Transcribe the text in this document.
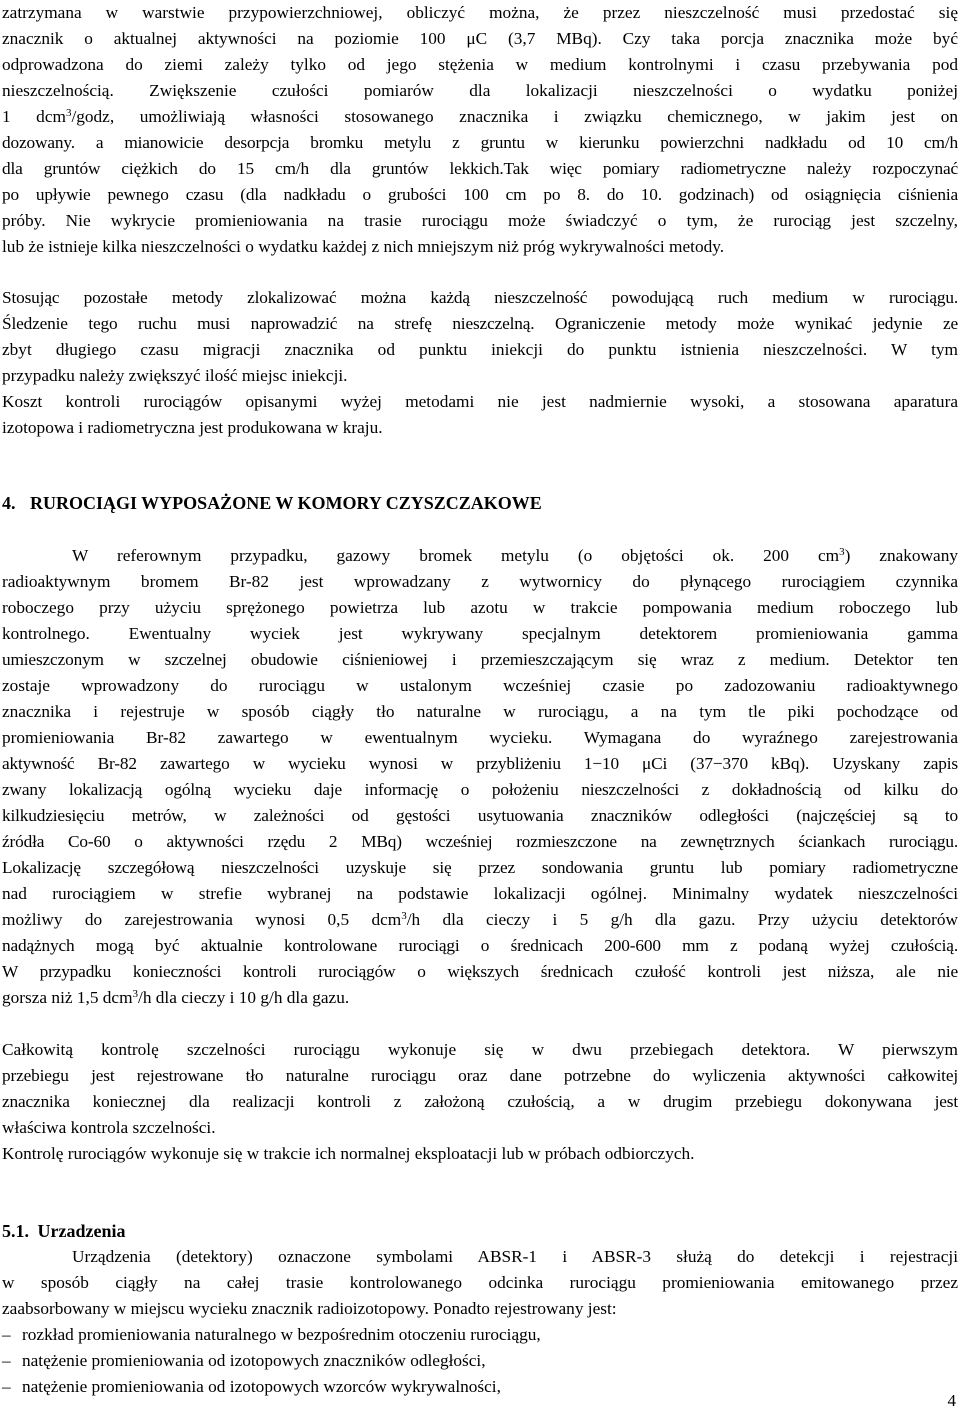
zatrzymana w warstwie przypowierzchniowej, obliczyć można, że przez nieszczelność musi przedostać się
znacznik o aktualnej aktywności na poziomie 100 μC (3,7 MBq). Czy taka porcja znacznika może być
odprowadzona do ziemi zależy tylko od jego stężenia w medium kontrolnymi i czasu przebywania pod
nieszczelnością. Zwiększenie czułości pomiarów dla lokalizacji nieszczelności o wydatku poniżej
1 dcm$^3$/godz, umożliwiają własności stosowanego znacznika i związku chemicznego, w jakim jest on
dozowany. a mianowicie desorpcja bromku metylu z gruntu w kierunku powierzchni nadkładu od 10 cm/h
dla gruntów ciężkich do 15 cm/h dla gruntów lekkich.Tak więc pomiary radiometryczne należy rozpoczynać
po upływie pewnego czasu (dla nadkładu o grubości 100 cm po 8. do 10. godzinach) od osiągnięcia ciśnienia
próby. Nie wykrycie promieniowania na trasie rurociągu może świadczyć o tym, że rurociąg jest szczelny,
lub że istnieje kilka nieszczelności o wydatku każdej z nich mniejszym niż próg wykrywalności metody.
Stosując pozostałe metody zlokalizować można każdą nieszczelność powodującą ruch medium w rurociągu.
Śledzenie tego ruchu musi naprowadzić na strefę nieszczelną. Ograniczenie metody może wynikać jedynie ze
zbyt długiego czasu migracji znacznika od punktu iniekcji do punktu istnienia nieszczelności. W tym
przypadku należy zwiększyć ilość miejsc iniekcji.
Koszt kontroli rurociągów opisanymi wyżej metodami nie jest nadmiernie wysoki, a stosowana aparatura
izotopowa i radiometryczna jest produkowana w kraju.
4. RUROCIĄGI WYPOSAŻONE W KOMORY CZYSZCZAKOWE
W referownym przypadku, gazowy bromek metylu (o objętości ok. 200 $cm^3$) znakowany
radioaktywnym bromem Br-82 jest wprowadzany z wytwornicy do płynącego rurociągiem czynnika
roboczego przy użyciu sprężonego powietrza lub azotu w trakcie pompowania medium roboczego lub
kontrolnego. Ewentualny wyciek jest wykrywany specjalnym detektorem promieniowania gamma
umieszczonym w szczelnej obudowie ciśnieniowej i przemieszczającym się wraz z medium. Detektor ten
zostaje wprowadzony do rurociągu w ustalonym wcześniej czasie po zadozowaniu radioaktywnego
znacznika i rejestruje w sposób ciągły tło naturalne w rurociągu, a na tym tle piki pochodzące od
promieniowania Br-82 zawartego w ewentualnym wycieku. Wymagana do wyraźnego zarejestrowania
aktywność Br-82 zawartego w wycieku wynosi w przybliżeniu 1−10 μCi (37−370 kBq). Uzyskany zapis
zwany lokalizacją ogólną wycieku daje informację o położeniu nieszczelności z dokładnością od kilku do
kilkudziesięciu metrów, w zależności od gęstości usytuowania znaczników odległości (najczęściej są to
źródła Co-60 o aktywności rzędu 2 MBq) wcześniej rozmieszczone na zewnętrznych ściankach rurociągu.
Lokalizację szczegółową nieszczelności uzyskuje się przez sondowania gruntu lub pomiary radiometryczne
nad rurociągiem w strefie wybranej na podstawie lokalizacji ogólnej. Minimalny wydatek nieszczelności
możliwy do zarejestrowania wynosi 0,5 dcm$^3$/h dla cieczy i 5 g/h dla gazu. Przy użyciu detektorów
nadążnych mogą być aktualnie kontrolowane rurociągi o średnicach 200-600 mm z podaną wyżej czułością.
W przypadku konieczności kontroli rurociągów o większych średnicach czułość kontroli jest niższa, ale nie
gorsza niż 1,5 dcm$^3$/h dla cieczy i 10 g/h dla gazu.
Całkowitą kontrolę szczelności rurociągu wykonuje się w dwu przebiegach detektora. W pierwszym
przebiegu jest rejestrowane tło naturalne rurociągu oraz dane potrzebne do wyliczenia aktywności całkowitej
znacznika koniecznej dla realizacji kontroli z założoną czułością, a w drugim przebiegu dokonywana jest
właściwa kontrola szczelności.
Kontrolę rurociągów wykonuje się w trakcie ich normalnej eksploatacji lub w próbach odbiorczych.
5.1. Urzadzenia
Urządzenia (detektory) oznaczone symbolami ABSR-1 i ABSR-3 służą do detekcji i rejestracji
w sposób ciągły na całej trasie kontrolowanego odcinka rurociągu promieniowania emitowanego przez
zaabsorbowany w miejscu wycieku znacznik radioizotopowy. Ponadto rejestrowany jest:
– rozkład promieniowania naturalnego w bezpośrednim otoczeniu rurociągu,
– natężenie promieniowania od izotopowych znaczników odległości,
– natężenie promieniowania od izotopowych wzorców wykrywalności,
4
